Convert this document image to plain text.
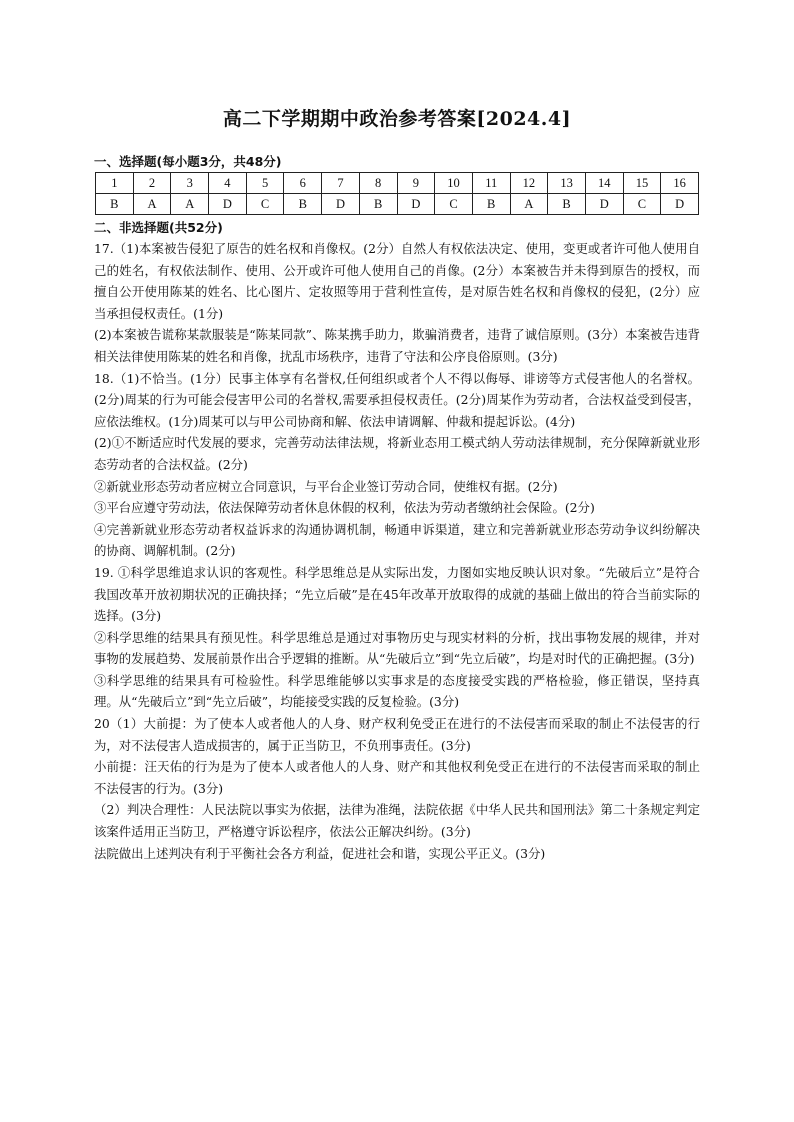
高二下学期期中政治参考答案[2024.4]
一、选择题(每小题3分，共48分)
1	2	3	4	5	6	7	8	9	10	11	12	13	14	15	16
B	A	A	D	C	B	D	B	D	C	B	A	B	D	C	D
二、非选择题(共52分)

17.（1)本案被告侵犯了原告的姓名权和肖像权。(2分）自然人有权依法决定、使用，变更或者许可他人使用自己的姓名，有权依法制作、使用、公开或许可他人使用自己的肖像。(2分）本案被告并未得到原告的授权，而擅自公开使用陈某的姓名、比心图片、定妆照等用于营利性宣传，是对原告姓名权和肖像权的侵犯，(2分）应当承担侵权责任。(1分)

(2)本案被告谎称某款服装是“陈某同款”、陈某携手助力，欺骗消费者，违背了诚信原则。(3分）本案被告违背相关法律使用陈某的姓名和肖像，扰乱市场秩序，违背了守法和公序良俗原则。(3分)

18.（1)不恰当。(1分）民事主体享有名誉权,任何组织或者个人不得以侮辱、诽谤等方式侵害他人的名誉权。(2分)周某的行为可能会侵害甲公司的名誉权,需要承担侵权责任。(2分)周某作为劳动者，合法权益受到侵害，应依法维权。(1分)周某可以与甲公司协商和解、依法申请调解、仲裁和提起诉讼。(4分)

(2)①不断适应时代发展的要求，完善劳动法律法规，将新业态用工模式纳人劳动法律规制，充分保障新就业形态劳动者的合法权益。(2分)

②新就业形态劳动者应树立合同意识，与平台企业签订劳动合同，使维权有据。(2分)

③平台应遵守劳动法，依法保障劳动者休息休假的权利，依法为劳动者缴纳社会保险。(2分)

④完善新就业形态劳动者权益诉求的沟通协调机制，畅通申诉渠道，建立和完善新就业形态劳动争议纠纷解决的协商、调解机制。(2分)

19. ①科学思维追求认识的客观性。科学思维总是从实际出发，力图如实地反映认识对象。“先破后立”是符合我国改革开放初期状况的正确抉择；“先立后破”是在45年改革开放取得的成就的基础上做出的符合当前实际的选择。(3分)

②科学思维的结果具有预见性。科学思维总是通过对事物历史与现实材料的分析，找出事物发展的规律，并对事物的发展趋势、发展前景作出合乎逻辑的推断。从“先破后立”到“先立后破”，均是对时代的正确把握。(3分)

③科学思维的结果具有可检验性。科学思维能够以实事求是的态度接受实践的严格检验，修正错误，坚持真理。从“先破后立”到“先立后破”，均能接受实践的反复检验。(3分)

20（1）大前提：为了使本人或者他人的人身、财产权利免受正在进行的不法侵害而采取的制止不法侵害的行为，对不法侵害人造成损害的，属于正当防卫，不负刑事责任。(3分)

小前提：汪天佑的行为是为了使本人或者他人的人身、财产和其他权利免受正在进行的不法侵害而采取的制止不法侵害的行为。(3分)

（2）判决合理性：人民法院以事实为依据，法律为准绳，法院依据《中华人民共和国刑法》第二十条规定判定该案件适用正当防卫，严格遵守诉讼程序，依法公正解决纠纷。(3分)

法院做出上述判决有利于平衡社会各方利益，促进社会和谐，实现公平正义。(3分)
